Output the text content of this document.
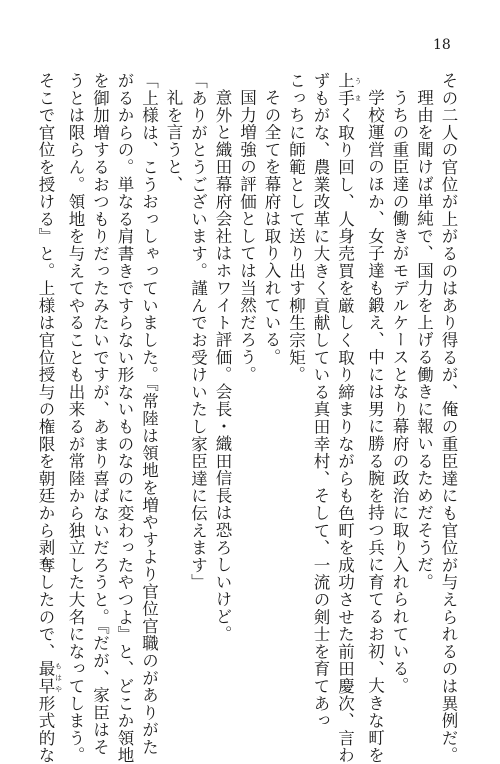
18
その二人の官位が上がるのはあり得るが、俺の重臣達にも官位が与えられるのは異例だ。
理由を聞けば単純で、国力を上げる働きに報いるためだそうだ。
うちの重臣達の働きがモデルケースとなり幕府の政治に取り入れられている。
学校運営のほか、女子達も鍛え、中には男に勝る腕を持つ兵に育てるお初、大きな町を
上手 うまく取り回し、人身売買を厳しく取り締まりながらも色町を成功させた前田慶次、言わ
ずもがな、農業改革に大きく貢献している真田幸村、そして、一流の剣士を育てあっ
こっちに師範として送り出す柳生宗矩。
その全てを幕府は取り入れている。
国力増強の評価としては当然だろう。
意外と織田幕府会社はホワイト評価。会長・織田信長は恐ろしいけど。
「ありがとうございます。謹んでお受けいたし家臣達に伝えます」
礼を言うと、
「上様は、こうおっしゃっていました。『常陸は領地を増やすより官位官職のがありがた
がるからの。単なる肩書きですらない形ないものなのに変わったやつよ』と、どこか領地
を御加増するおつもりだったみたいですが、あまり喜ばないだろうと。『だが、家臣はそ
うとは限らん。領地を与えてやることも出来るが常陸から独立した大名になってしまう。
そこで官位を授ける』と。上様は官位授与の権限を朝廷から剥奪したので、最早 もはや形式的な
